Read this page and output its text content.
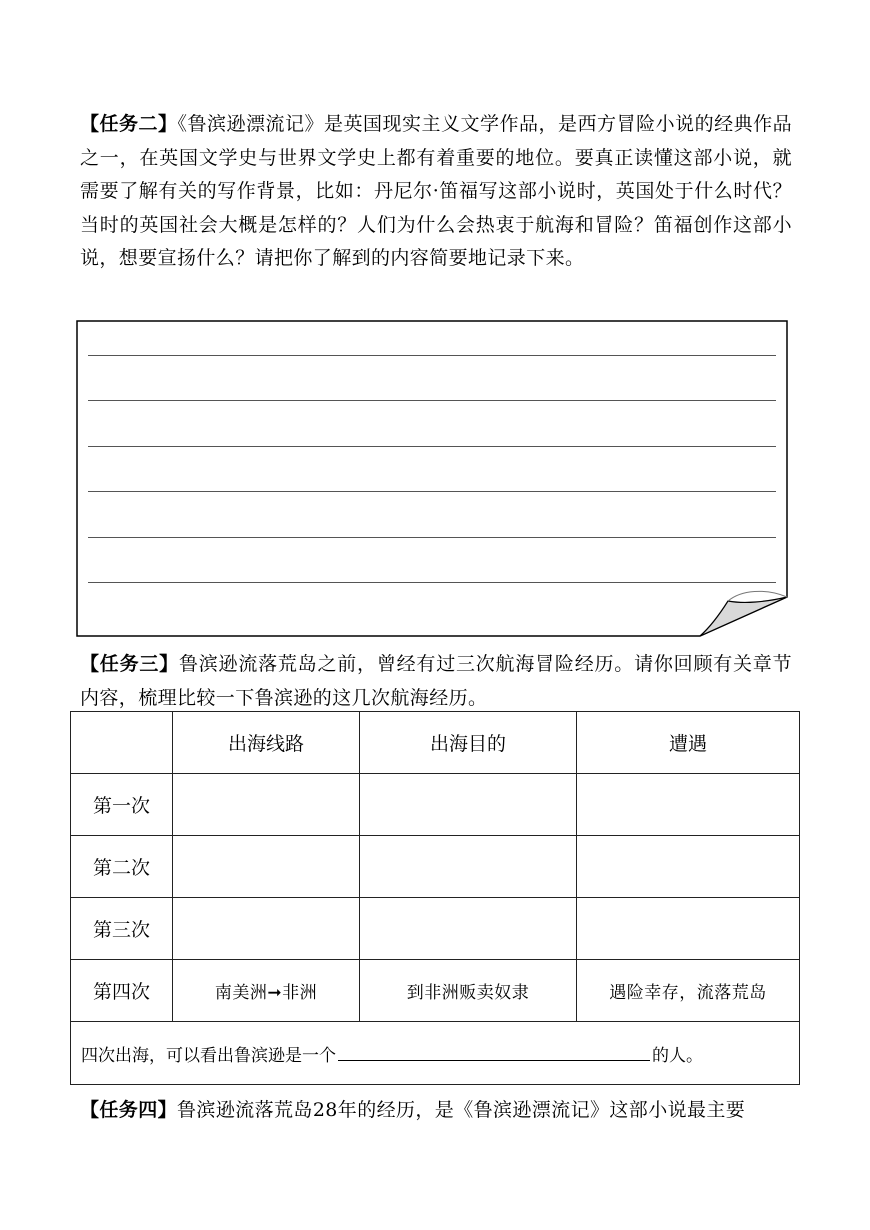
【任务二】《鲁滨逊漂流记》是英国现实主义文学作品，是西方冒险小说的经典作品之一，在英国文学史与世界文学史上都有着重要的地位。要真正读懂这部小说，就需要了解有关的写作背景，比如：丹尼尔·笛福写这部小说时，英国处于什么时代？当时的英国社会大概是怎样的？人们为什么会热衷于航海和冒险？笛福创作这部小说，想要宣扬什么？请把你了解到的内容简要地记录下来。

【任务三】鲁滨逊流落荒岛之前，曾经有过三次航海冒险经历。请你回顾有关章节内容，梳理比较一下鲁滨逊的这几次航海经历。

	出海线路	出海目的	遭遇
第一次			
第二次			
第三次			
第四次	南美洲➞非洲	到非洲贩卖奴隶	遇险幸存，流落荒岛
四次出海，可以看出鲁滨逊是一个 的人。			

【任务四】鲁滨逊流落荒岛28年的经历，是《鲁滨逊漂流记》这部小说最主要
